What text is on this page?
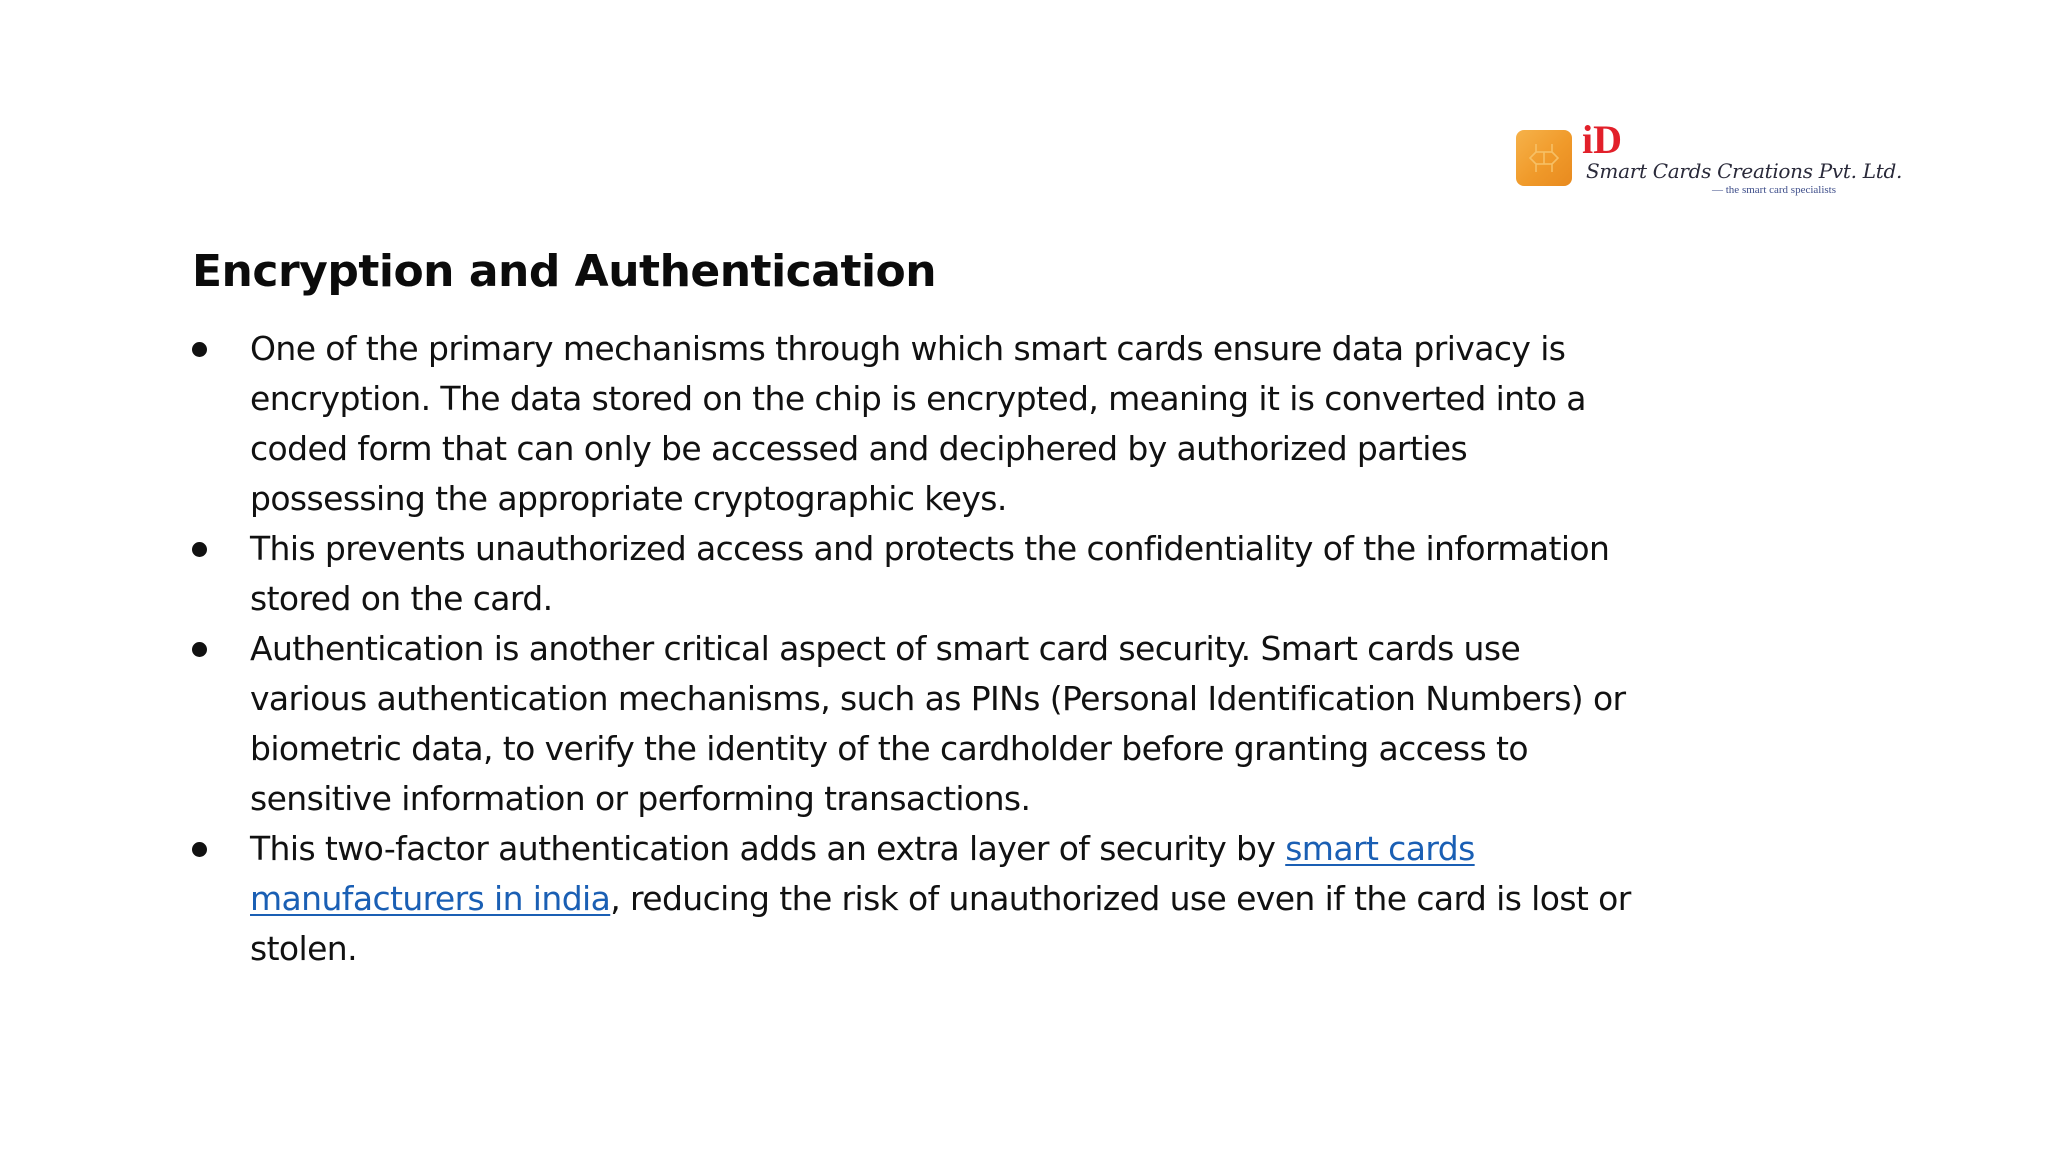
iD
Smart Cards Creations Pvt. Ltd.
— the smart card specialists
Encryption and Authentication
One of the primary mechanisms through which smart cards ensure data privacy is encryption. The data stored on the chip is encrypted, meaning it is converted into a coded form that can only be accessed and deciphered by authorized parties possessing the appropriate cryptographic keys.
This prevents unauthorized access and protects the confidentiality of the information stored on the card.
Authentication is another critical aspect of smart card security. Smart cards use various authentication mechanisms, such as PINs (Personal Identification Numbers) or biometric data, to verify the identity of the cardholder before granting access to sensitive information or performing transactions.
This two-factor authentication adds an extra layer of security by smart cards manufacturers in india, reducing the risk of unauthorized use even if the card is lost or stolen.
